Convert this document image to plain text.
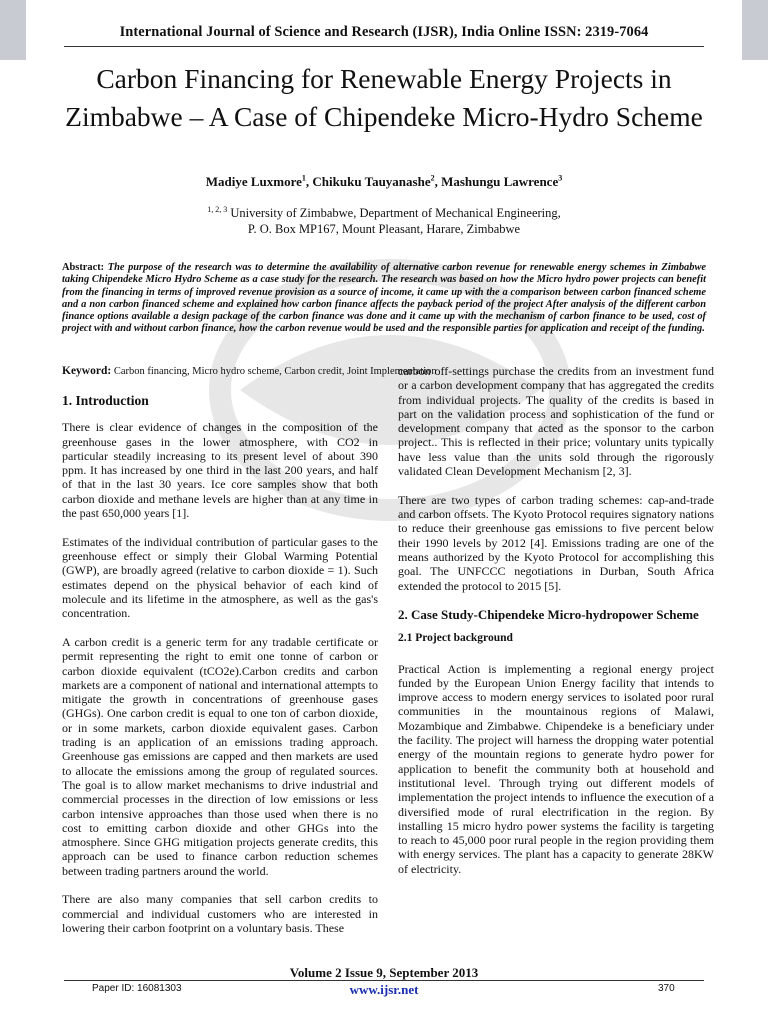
International Journal of Science and Research (IJSR), India Online ISSN: 2319-7064
Carbon Financing for Renewable Energy Projects in Zimbabwe – A Case of Chipendeke Micro-Hydro Scheme
Madiye Luxmore$^1$, Chikuku Tauyanashe$^2$, Mashungu Lawrence$^3$
$^{1, 2, 3}$ University of Zimbabwe, Department of Mechanical Engineering,
P. O. Box MP167, Mount Pleasant, Harare, Zimbabwe
Abstract: The purpose of the research was to determine the availability of alternative carbon revenue for renewable energy schemes in Zimbabwe taking Chipendeke Micro Hydro Scheme as a case study for the research. The research was based on how the Micro hydro power projects can benefit from the financing in terms of improved revenue provision as a source of income, it came up with the a comparison between carbon financed scheme and a non carbon financed scheme and explained how carbon finance affects the payback period of the project After analysis of the different carbon finance options available a design package of the carbon finance was done and it came up with the mechanism of carbon finance to be used, cost of project with and without carbon finance, how the carbon revenue would be used and the responsible parties for application and receipt of the funding.
Keyword: Carbon financing, Micro hydro scheme, Carbon credit, Joint Implementation
1. Introduction

There is clear evidence of changes in the composition of the greenhouse gases in the lower atmosphere, with CO2 in particular steadily increasing to its present level of about 390 ppm. It has increased by one third in the last 200 years, and half of that in the last 30 years. Ice core samples show that both carbon dioxide and methane levels are higher than at any time in the past 650,000 years [1].

Estimates of the individual contribution of particular gases to the greenhouse effect or simply their Global Warming Potential (GWP), are broadly agreed (relative to carbon dioxide = 1). Such estimates depend on the physical behavior of each kind of molecule and its lifetime in the atmosphere, as well as the gas's concentration.

A carbon credit is a generic term for any tradable certificate or permit representing the right to emit one tonne of carbon or carbon dioxide equivalent (tCO2e).Carbon credits and carbon markets are a component of national and international attempts to mitigate the growth in concentrations of greenhouse gases (GHGs). One carbon credit is equal to one ton of carbon dioxide, or in some markets, carbon dioxide equivalent gases. Carbon trading is an application of an emissions trading approach. Greenhouse gas emissions are capped and then markets are used to allocate the emissions among the group of regulated sources. The goal is to allow market mechanisms to drive industrial and commercial processes in the direction of low emissions or less carbon intensive approaches than those used when there is no cost to emitting carbon dioxide and other GHGs into the atmosphere. Since GHG mitigation projects generate credits, this approach can be used to finance carbon reduction schemes between trading partners around the world.

There are also many companies that sell carbon credits to commercial and individual customers who are interested in lowering their carbon footprint on a voluntary basis. These

carbon off-settings purchase the credits from an investment fund or a carbon development company that has aggregated the credits from individual projects. The quality of the credits is based in part on the validation process and sophistication of the fund or development company that acted as the sponsor to the carbon project.. This is reflected in their price; voluntary units typically have less value than the units sold through the rigorously validated Clean Development Mechanism [2, 3].

There are two types of carbon trading schemes: cap-and-trade and carbon offsets. The Kyoto Protocol requires signatory nations to reduce their greenhouse gas emissions to five percent below their 1990 levels by 2012 [4]. Emissions trading are one of the means authorized by the Kyoto Protocol for accomplishing this goal. The UNFCCC negotiations in Durban, South Africa extended the protocol to 2015 [5].

2. Case Study-Chipendeke Micro-hydropower Scheme
2.1 Project background

Practical Action is implementing a regional energy project funded by the European Union Energy facility that intends to improve access to modern energy services to isolated poor rural communities in the mountainous regions of Malawi, Mozambique and Zimbabwe. Chipendeke is a beneficiary under the facility. The project will harness the dropping water potential energy of the mountain regions to generate hydro power for application to benefit the community both at household and institutional level. Through trying out different models of implementation the project intends to influence the execution of a diversified mode of rural electrification in the region. By installing 15 micro hydro power systems the facility is targeting to reach to 45,000 poor rural people in the region providing them with energy services. The plant has a capacity to generate 28KW of electricity.

Volume 2 Issue 9, September 2013
Paper ID: 16081303	www.ijsr.net	370
